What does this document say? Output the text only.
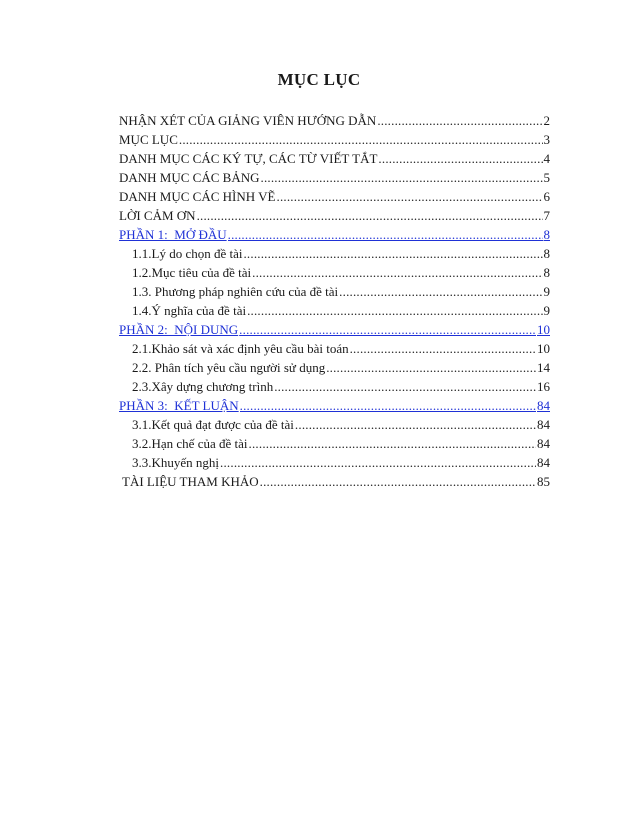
MỤC LỤC
NHẬN XÉT CỦA GIẢNG VIÊN HƯỚNG DẪN .....	2
MỤC LỤC .....	3
DANH MỤC CÁC KÝ TỰ, CÁC TỪ VIẾT TẮT .....	4
DANH MỤC CÁC BẢNG .....	5
DANH MỤC CÁC HÌNH VẼ .....	6
LỜI CẢM ƠN .....	7
PHẦN 1:  MỞ ĐẦU .....	8
1.1. Lý do chọn đề tài .....	8
1.2. Mục tiêu của đề tài .....	8
1.3. Phương pháp nghiên cứu của đề tài .....	9
1.4. Ý nghĩa của đề tài .....	9
PHẦN 2:  NỘI DUNG .....	10
2.1. Khảo sát và xác định yêu cầu bài toán .....	10
2.2. Phân tích yêu cầu người sử dụng .....	14
2.3. Xây dựng chương trình .....	16
PHẦN 3:  KẾT LUẬN .....	84
3.1. Kết quả đạt được của đề tài .....	84
3.2. Hạn chế của đề tài .....	84
3.3. Khuyến nghị .....	84
TÀI LIỆU THAM KHẢO .....	85
